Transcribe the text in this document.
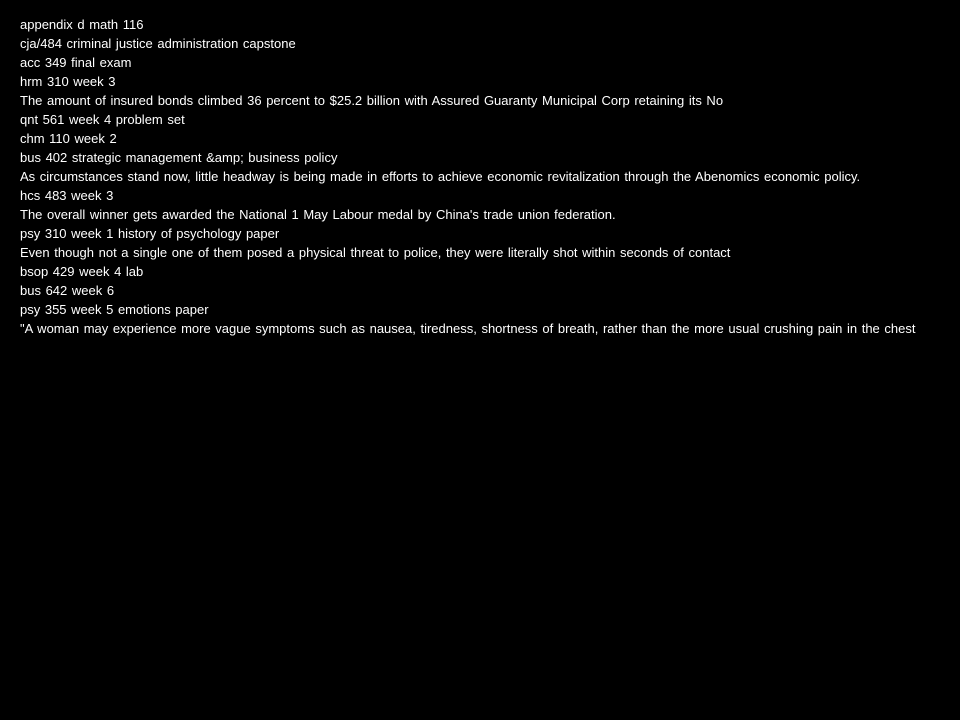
appendix d math 116
cja/484 criminal justice administration capstone
acc 349 final exam
hrm 310 week 3
The amount of insured bonds climbed 36 percent to $25.2 billion with Assured Guaranty Municipal Corp retaining its No
qnt 561 week 4 problem set
chm 110 week 2
bus 402 strategic management &amp; business policy
As circumstances stand now, little headway is being made in efforts to achieve economic revitalization through the Abenomics economic policy.
hcs 483 week 3
The overall winner gets awarded the National 1 May Labour medal by China's trade union federation.
psy 310 week 1 history of psychology paper
Even though not a single one of them posed a physical threat to police, they were literally shot within seconds of contact
bsop 429 week 4 lab
bus 642 week 6
psy 355 week 5 emotions paper
"A woman may experience more vague symptoms such as nausea, tiredness, shortness of breath, rather than the more usual crushing pain in the chest
